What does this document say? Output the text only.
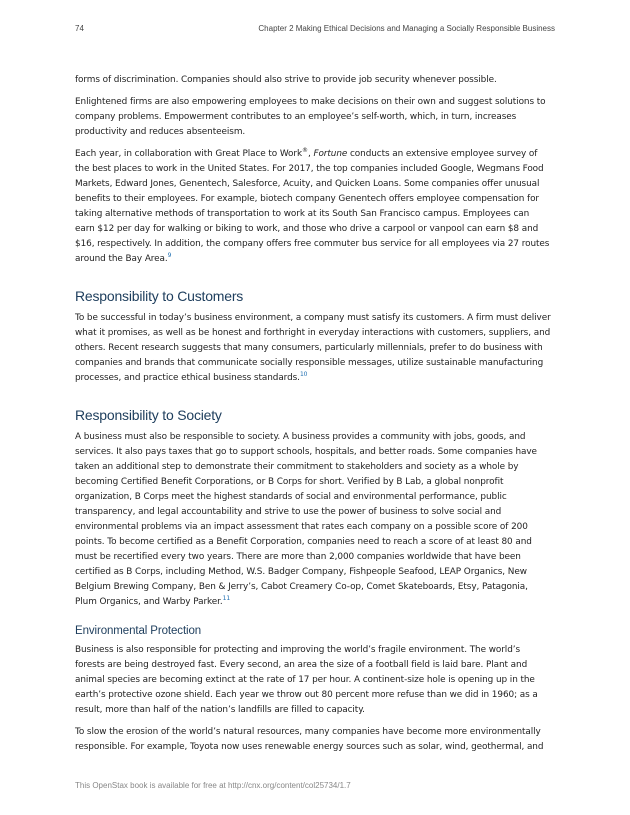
74	Chapter 2 Making Ethical Decisions and Managing a Socially Responsible Business

forms of discrimination. Companies should also strive to provide job security whenever possible.

Enlightened firms are also empowering employees to make decisions on their own and suggest solutions to company problems. Empowerment contributes to an employee’s self-worth, which, in turn, increases productivity and reduces absenteeism.

Each year, in collaboration with Great Place to Work®, Fortune conducts an extensive employee survey of the best places to work in the United States. For 2017, the top companies included Google, Wegmans Food Markets, Edward Jones, Genentech, Salesforce, Acuity, and Quicken Loans. Some companies offer unusual benefits to their employees. For example, biotech company Genentech offers employee compensation for taking alternative methods of transportation to work at its South San Francisco campus. Employees can earn $12 per day for walking or biking to work, and those who drive a carpool or vanpool can earn $8 and $16, respectively. In addition, the company offers free commuter bus service for all employees via 27 routes around the Bay Area.$^9$

Responsibility to Customers

To be successful in today’s business environment, a company must satisfy its customers. A firm must deliver what it promises, as well as be honest and forthright in everyday interactions with customers, suppliers, and others. Recent research suggests that many consumers, particularly millennials, prefer to do business with companies and brands that communicate socially responsible messages, utilize sustainable manufacturing processes, and practice ethical business standards.$^{10}$

Responsibility to Society

A business must also be responsible to society. A business provides a community with jobs, goods, and services. It also pays taxes that go to support schools, hospitals, and better roads. Some companies have taken an additional step to demonstrate their commitment to stakeholders and society as a whole by becoming Certified Benefit Corporations, or B Corps for short. Verified by B Lab, a global nonprofit organization, B Corps meet the highest standards of social and environmental performance, public transparency, and legal accountability and strive to use the power of business to solve social and environmental problems via an impact assessment that rates each company on a possible score of 200 points. To become certified as a Benefit Corporation, companies need to reach a score of at least 80 and must be recertified every two years. There are more than 2,000 companies worldwide that have been certified as B Corps, including Method, W.S. Badger Company, Fishpeople Seafood, LEAP Organics, New Belgium Brewing Company, Ben & Jerry’s, Cabot Creamery Co-op, Comet Skateboards, Etsy, Patagonia, Plum Organics, and Warby Parker.$^{11}$

Environmental Protection

Business is also responsible for protecting and improving the world’s fragile environment. The world’s forests are being destroyed fast. Every second, an area the size of a football field is laid bare. Plant and animal species are becoming extinct at the rate of 17 per hour. A continent-size hole is opening up in the earth’s protective ozone shield. Each year we throw out 80 percent more refuse than we did in 1960; as a result, more than half of the nation’s landfills are filled to capacity.

To slow the erosion of the world’s natural resources, many companies have become more environmentally responsible. For example, Toyota now uses renewable energy sources such as solar, wind, geothermal, and

This OpenStax book is available for free at http://cnx.org/content/col25734/1.7
